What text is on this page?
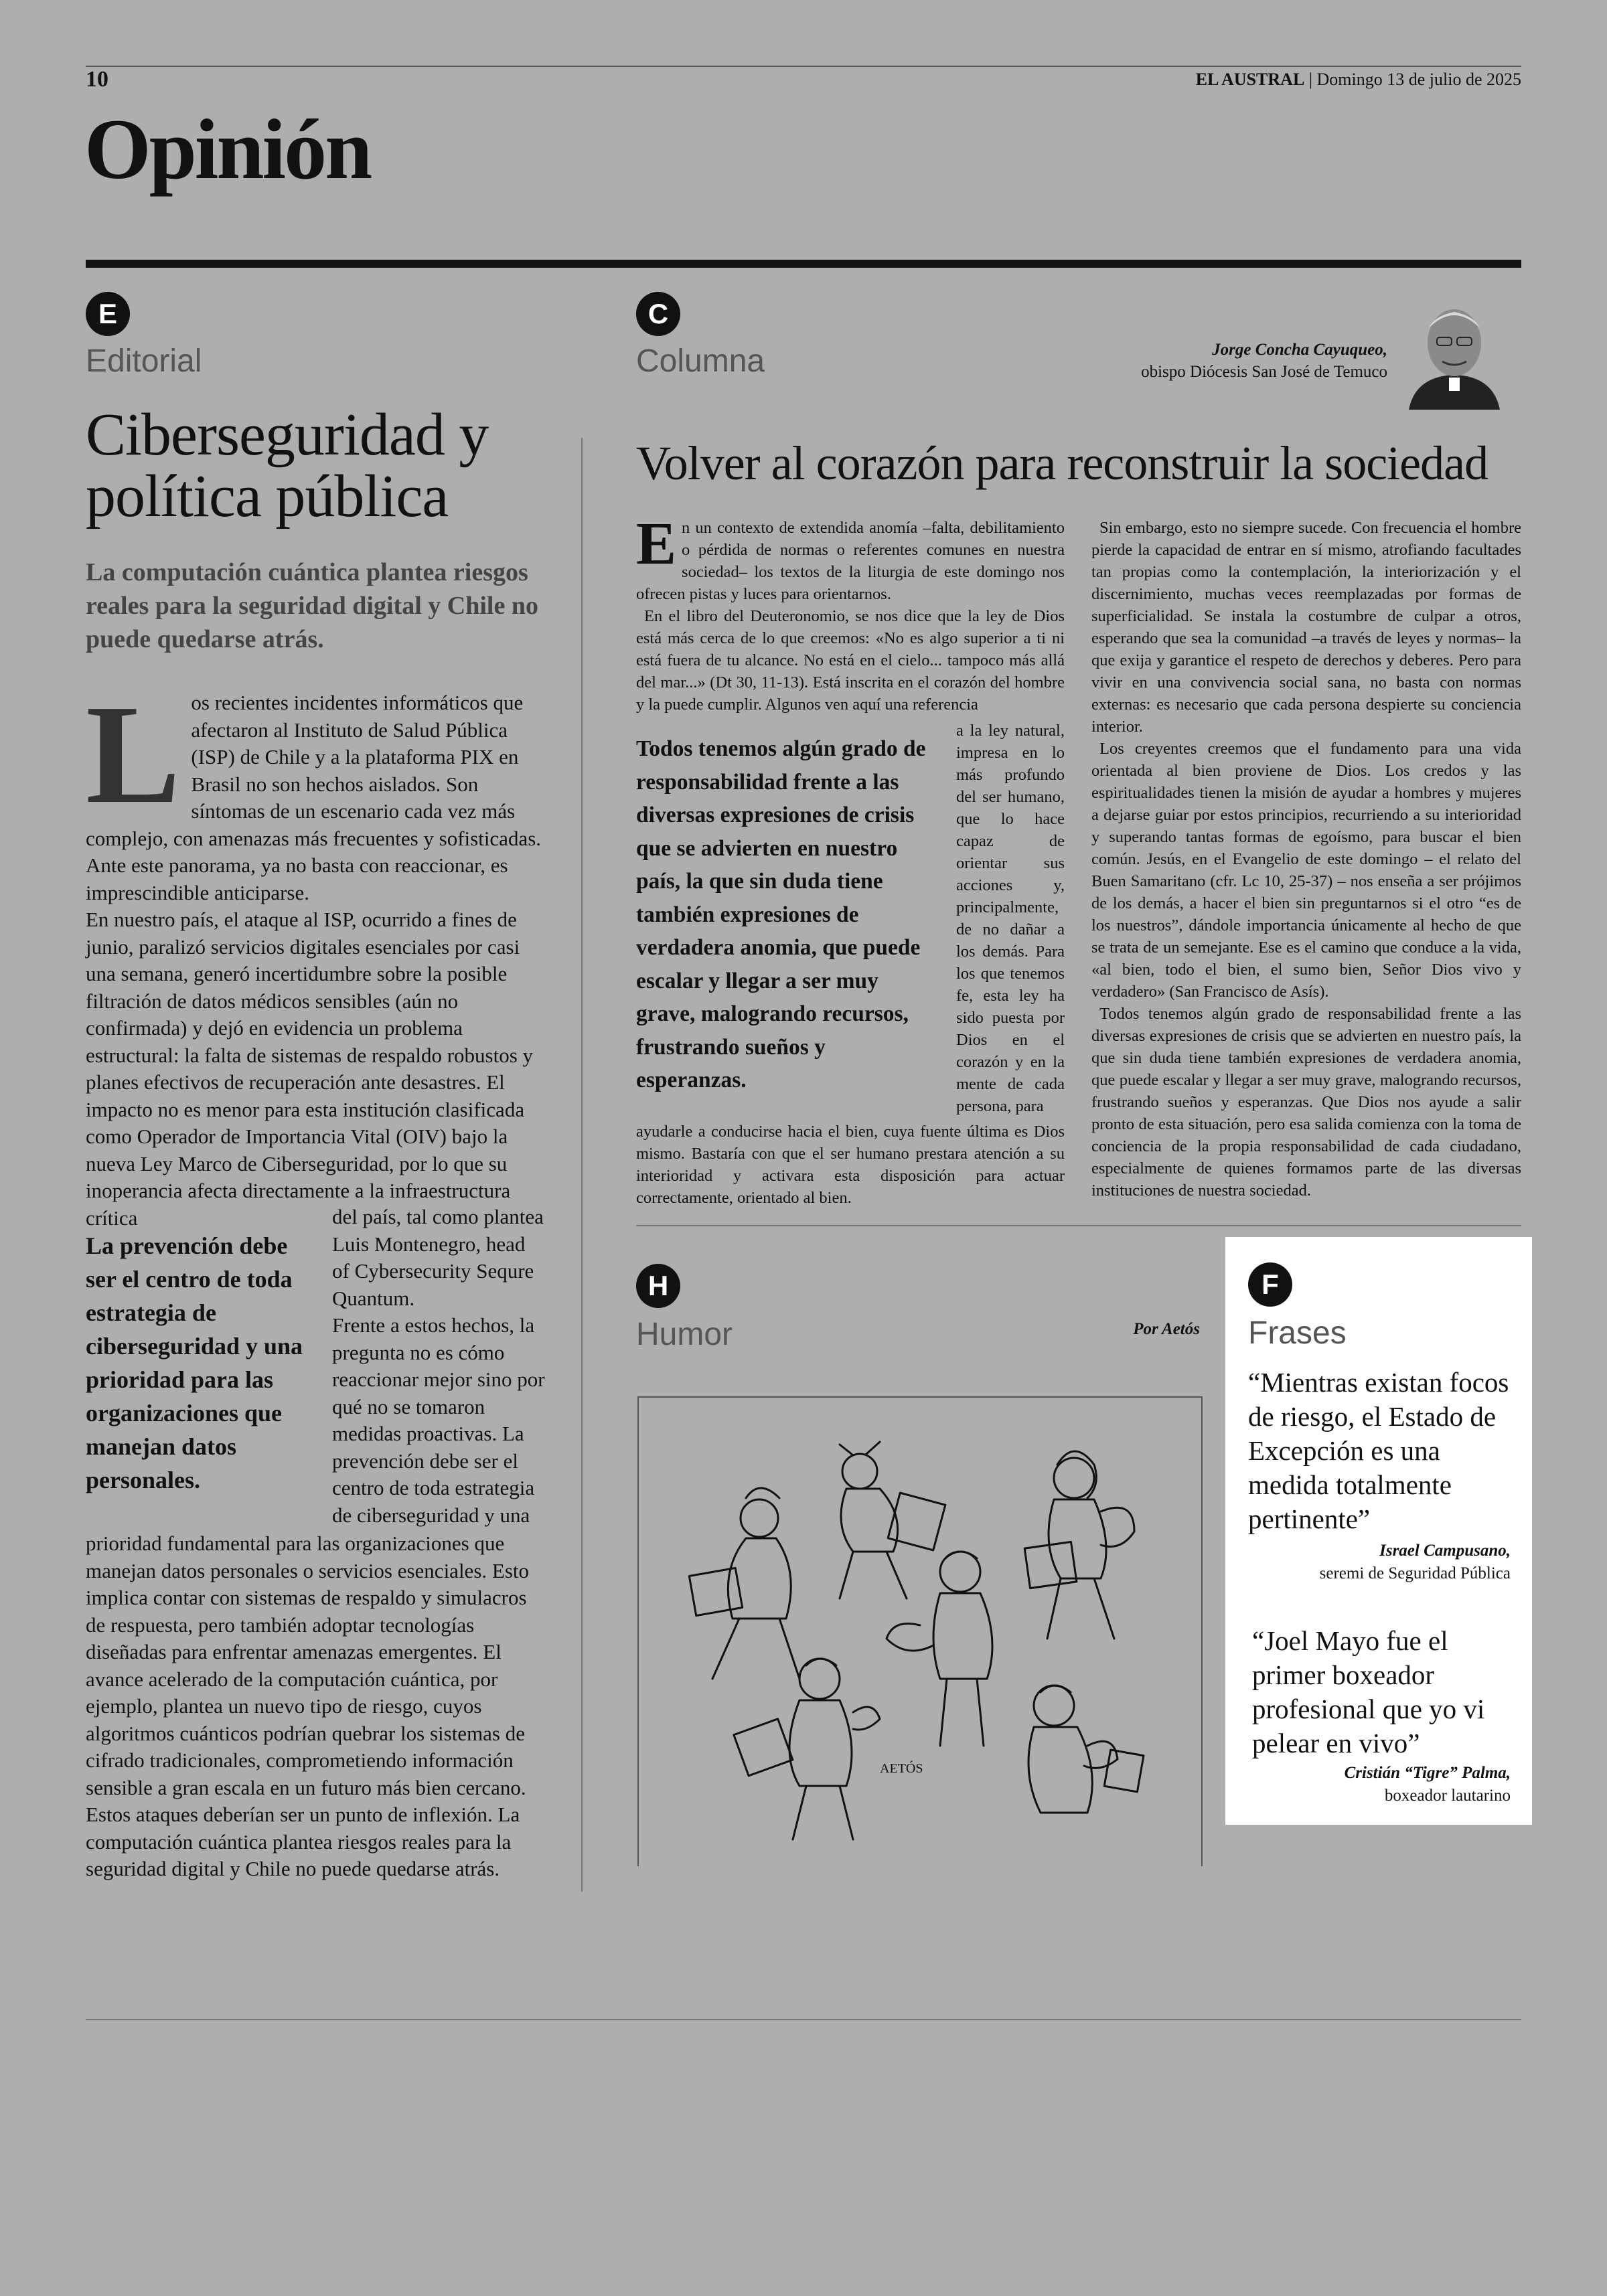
10	EL AUSTRAL | Domingo 13 de julio de 2025
Opinión
E
Editorial
Ciberseguridad y
política pública
La computación cuántica plantea riesgos reales para la seguridad digital y Chile no puede quedarse atrás.

Los recientes incidentes informáticos que afectaron al Instituto de Salud Pública (ISP) de Chile y a la plataforma PIX en Brasil no son hechos aislados. Son síntomas de un escenario cada vez más complejo, con amenazas más frecuentes y sofisticadas. Ante este panorama, ya no basta con reaccionar, es imprescindible anticiparse.

En nuestro país, el ataque al ISP, ocurrido a fines de junio, paralizó servicios digitales esenciales por casi una semana, generó incertidumbre sobre la posible filtración de datos médicos sensibles (aún no confirmada) y dejó en evidencia un problema estructural: la falta de sistemas de respaldo robustos y planes efectivos de recuperación ante desastres. El impacto no es menor para esta institución clasificada como Operador de Importancia Vital (OIV) bajo la nueva Ley Marco de Ciberseguridad, por lo que su inoperancia afecta directamente a la infraestructura crítica

La prevención debe ser el centro de toda estrategia de ciberseguridad y una prioridad para las organizaciones que manejan datos personales.

del país, tal como plantea Luis Montenegro, head of Cybersecurity Sequre Quantum.

Frente a estos hechos, la pregunta no es cómo reaccionar mejor sino por qué no se tomaron medidas proactivas. La prevención debe ser el centro de toda estrategia de ciberseguridad y una

prioridad fundamental para las organizaciones que manejan datos personales o servicios esenciales. Esto implica contar con sistemas de respaldo y simulacros de respuesta, pero también adoptar tecnologías diseñadas para enfrentar amenazas emergentes. El avance acelerado de la computación cuántica, por ejemplo, plantea un nuevo tipo de riesgo, cuyos algoritmos cuánticos podrían quebrar los sistemas de cifrado tradicionales, comprometiendo información sensible a gran escala en un futuro más bien cercano. Estos ataques deberían ser un punto de inflexión. La computación cuántica plantea riesgos reales para la seguridad digital y Chile no puede quedarse atrás.
C
Columna	Jorge Concha Cayuqueo,
obispo Diócesis San José de Temuco
Volver al corazón para reconstruir la sociedad

En un contexto de extendida anomía –falta, debilitamiento o pérdida de normas o referentes comunes en nuestra sociedad– los textos de la liturgia de este domingo nos ofrecen pistas y luces para orientarnos.

En el libro del Deuteronomio, se nos dice que la ley de Dios está más cerca de lo que creemos: «No es algo superior a ti ni está fuera de tu alcance. No está en el cielo... tampoco más allá del mar...» (Dt 30, 11-13). Está inscrita en el corazón del hombre y la puede cumplir. Algunos ven aquí una referencia

Todos tenemos algún grado de responsabilidad frente a las diversas expresiones de crisis que se advierten en nuestro país, la que sin duda tiene también expresiones de verdadera anomia, que puede escalar y llegar a ser muy grave, malogrando recursos, frustrando sueños y esperanzas.
a la ley natural, impresa en lo más profundo del ser humano, que lo hace capaz de orientar sus acciones y, principalmente, de no dañar a los demás. Para los que tenemos fe, esta ley ha sido puesta por Dios en el corazón y en la mente de cada persona, para
ayudarle a conducirse hacia el bien, cuya fuente última es Dios mismo. Bastaría con que el ser humano prestara atención a su interioridad y activara esta disposición para actuar correctamente, orientado al bien.

Sin embargo, esto no siempre sucede. Con frecuencia el hombre pierde la capacidad de entrar en sí mismo, atrofiando facultades tan propias como la contemplación, la interiorización y el discernimiento, muchas veces reemplazadas por formas de superficialidad. Se instala la costumbre de culpar a otros, esperando que sea la comunidad –a través de leyes y normas– la que exija y garantice el respeto de derechos y deberes. Pero para vivir en una convivencia social sana, no basta con normas externas: es necesario que cada persona despierte su conciencia interior.

Los creyentes creemos que el fundamento para una vida orientada al bien proviene de Dios. Los credos y las espiritualidades tienen la misión de ayudar a hombres y mujeres a dejarse guiar por estos principios, recurriendo a su interioridad y superando tantas formas de egoísmo, para buscar el bien común. Jesús, en el Evangelio de este domingo – el relato del Buen Samaritano (cfr. Lc 10, 25-37) – nos enseña a ser prójimos de los demás, a hacer el bien sin preguntarnos si el otro “es de los nuestros”, dándole importancia únicamente al hecho de que se trata de un semejante. Ese es el camino que conduce a la vida, «al bien, todo el bien, el sumo bien, Señor Dios vivo y verdadero» (San Francisco de Asís).

Todos tenemos algún grado de responsabilidad frente a las diversas expresiones de crisis que se advierten en nuestro país, la que sin duda tiene también expresiones de verdadera anomia, que puede escalar y llegar a ser muy grave, malogrando recursos, frustrando sueños y esperanzas. Que Dios nos ayude a salir pronto de esta situación, pero esa salida comienza con la toma de conciencia de la propia responsabilidad de cada ciudadano, especialmente de quienes formamos parte de las diversas instituciones de nuestra sociedad.

H
Humor	Por Aetós
AETÓS
F
Frases
“Mientras existan focos de riesgo, el Estado de Excepción es una medida totalmente pertinente”
Israel Campusano,
seremi de Seguridad Pública
“Joel Mayo fue el primer boxeador profesional que yo vi pelear en vivo”
Cristián “Tigre” Palma,
boxeador lautarino
